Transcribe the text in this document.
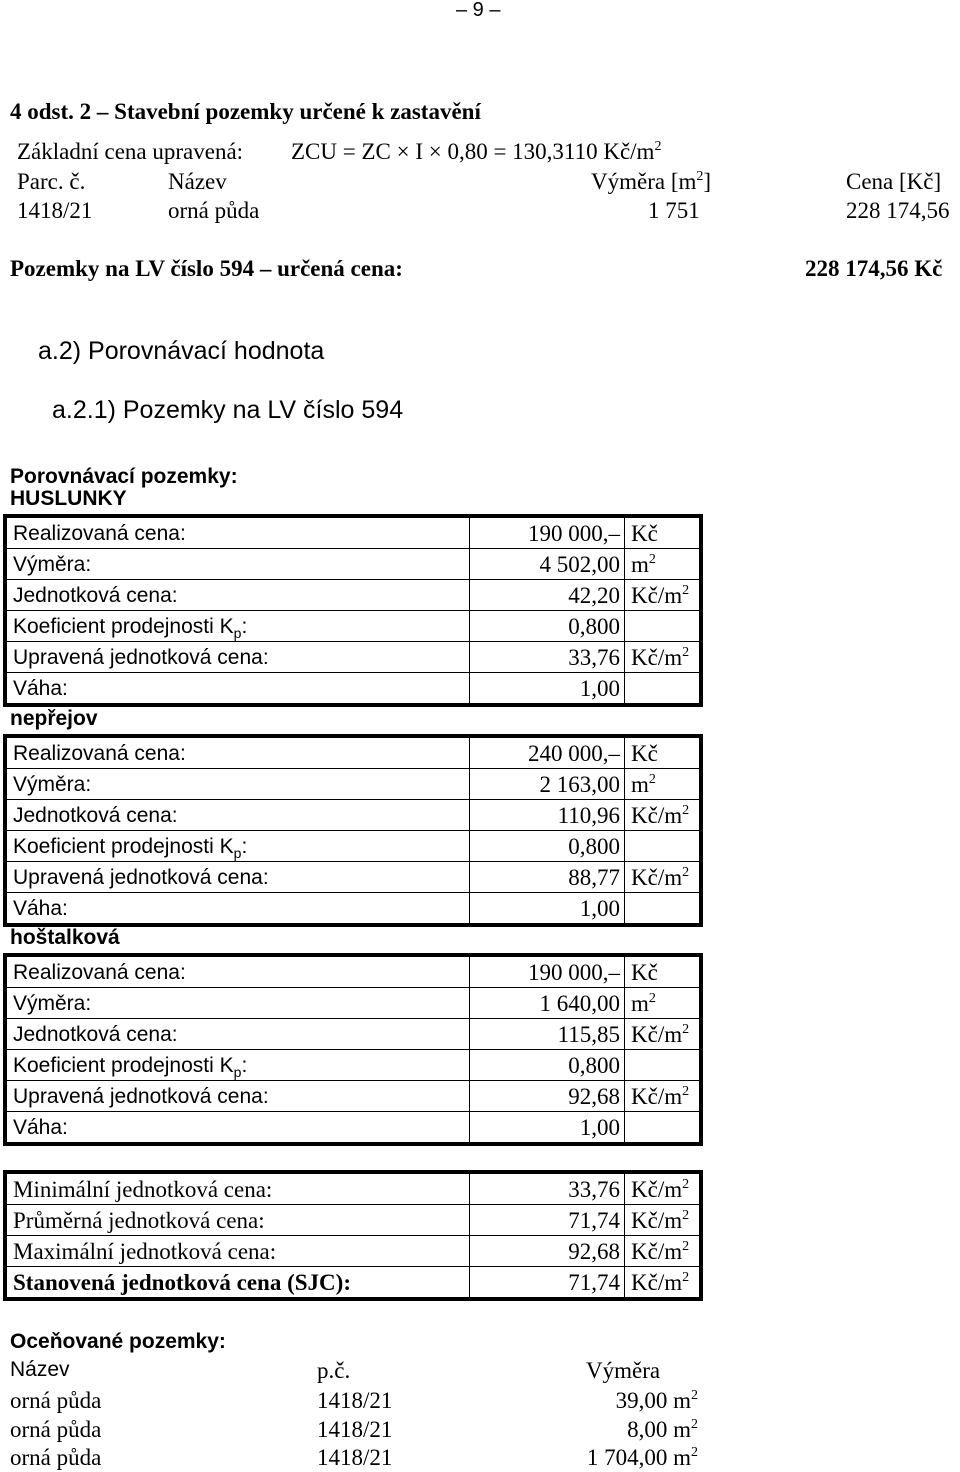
– 9 –
4 odst. 2 – Stavební pozemky určené k zastavění
Základní cena upravená: ZCU = ZC × I × 0,80 = 130,3110 $Kč/m^2$
Parc. č.	Název	Výměra $[m^2]$	Cena [Kč]
1418/21	orná půda	1 751	228 174,56
Pozemky na LV číslo 594 – určená cena:	228 174,56 Kč
a.2) Porovnávací hodnota
a.2.1) Pozemky na LV číslo 594
Porovnávací pozemky:
HUSLUNKY
Realizovaná cena:	190 000,–	Kč
Výměra:	4 502,00	$m^2$
Jednotková cena:	42,20	$Kč/m^2$
Koeficient prodejnosti $K_p$:	0,800	
Upravená jednotková cena:	33,76	$Kč/m^2$
Váha:	1,00	
nepřejov
Realizovaná cena:	240 000,–	Kč
Výměra:	2 163,00	$m^2$
Jednotková cena:	110,96	$Kč/m^2$
Koeficient prodejnosti $K_p$:	0,800	
Upravená jednotková cena:	88,77	$Kč/m^2$
Váha:	1,00	
hoštalková
Realizovaná cena:	190 000,–	Kč
Výměra:	1 640,00	$m^2$
Jednotková cena:	115,85	$Kč/m^2$
Koeficient prodejnosti $K_p$:	0,800	
Upravená jednotková cena:	92,68	$Kč/m^2$
Váha:	1,00	
Minimální jednotková cena:	33,76	$Kč/m^2$
Průměrná jednotková cena:	71,74	$Kč/m^2$
Maximální jednotková cena:	92,68	$Kč/m^2$
Stanovená jednotková cena (SJC):	71,74	$Kč/m^2$
Oceňované pozemky:
Název	p.č.	Výměra
orná půda	1418/21	39,00 $m^2$
orná půda	1418/21	8,00 $m^2$
orná půda	1418/21	1 704,00 $m^2$
